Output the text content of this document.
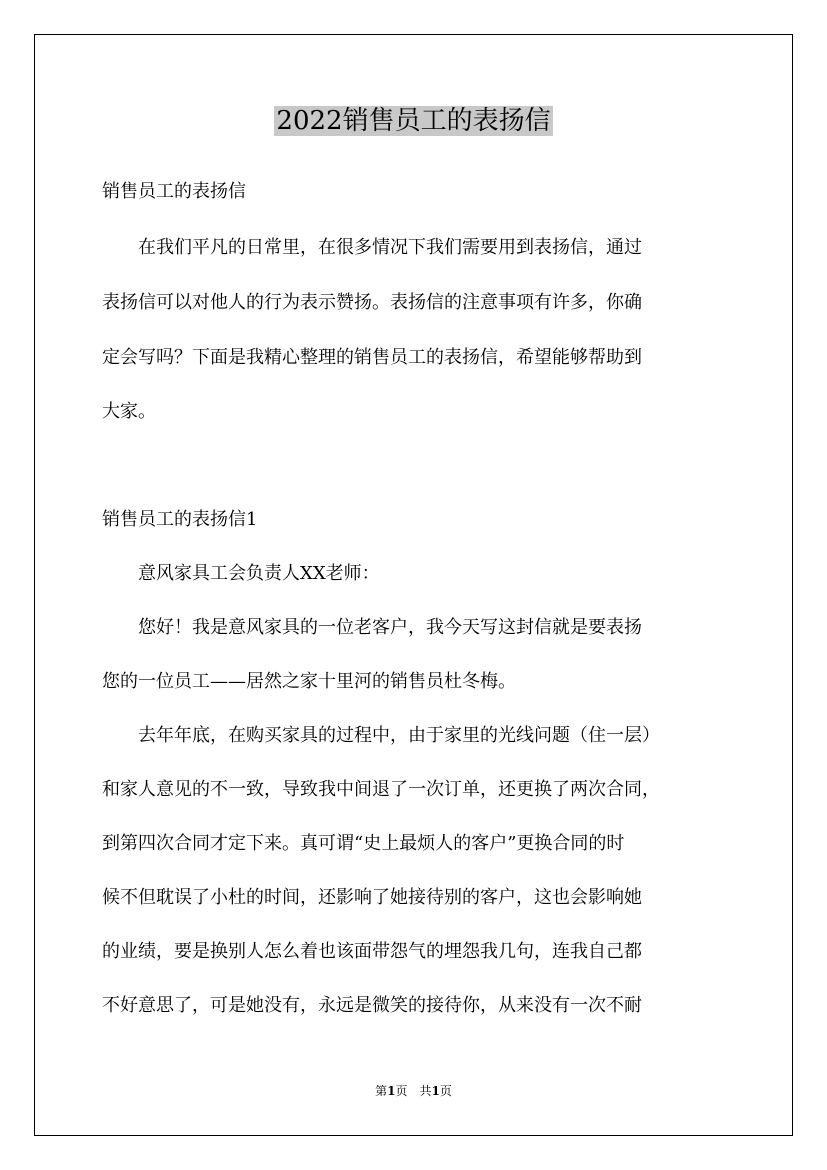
2022销售员工的表扬信
销售员工的表扬信
　　在我们平凡的日常里，在很多情况下我们需要用到表扬信，通过
表扬信可以对他人的行为表示赞扬。表扬信的注意事项有许多，你确
定会写吗？下面是我精心整理的销售员工的表扬信，希望能够帮助到
大家。
销售员工的表扬信1
　　意风家具工会负责人XX老师：
　　您好！我是意风家具的一位老客户，我今天写这封信就是要表扬
您的一位员工——居然之家十里河的销售员杜冬梅。
　　去年年底，在购买家具的过程中，由于家里的光线问题（住一层）
和家人意见的不一致，导致我中间退了一次订单，还更换了两次合同，
到第四次合同才定下来。真可谓“史上最烦人的客户”更换合同的时
候不但耽误了小杜的时间，还影响了她接待别的客户，这也会影响她
的业绩，要是换别人怎么着也该面带怨气的埋怨我几句，连我自己都
不好意思了，可是她没有，永远是微笑的接待你，从来没有一次不耐
第1页　共1页
